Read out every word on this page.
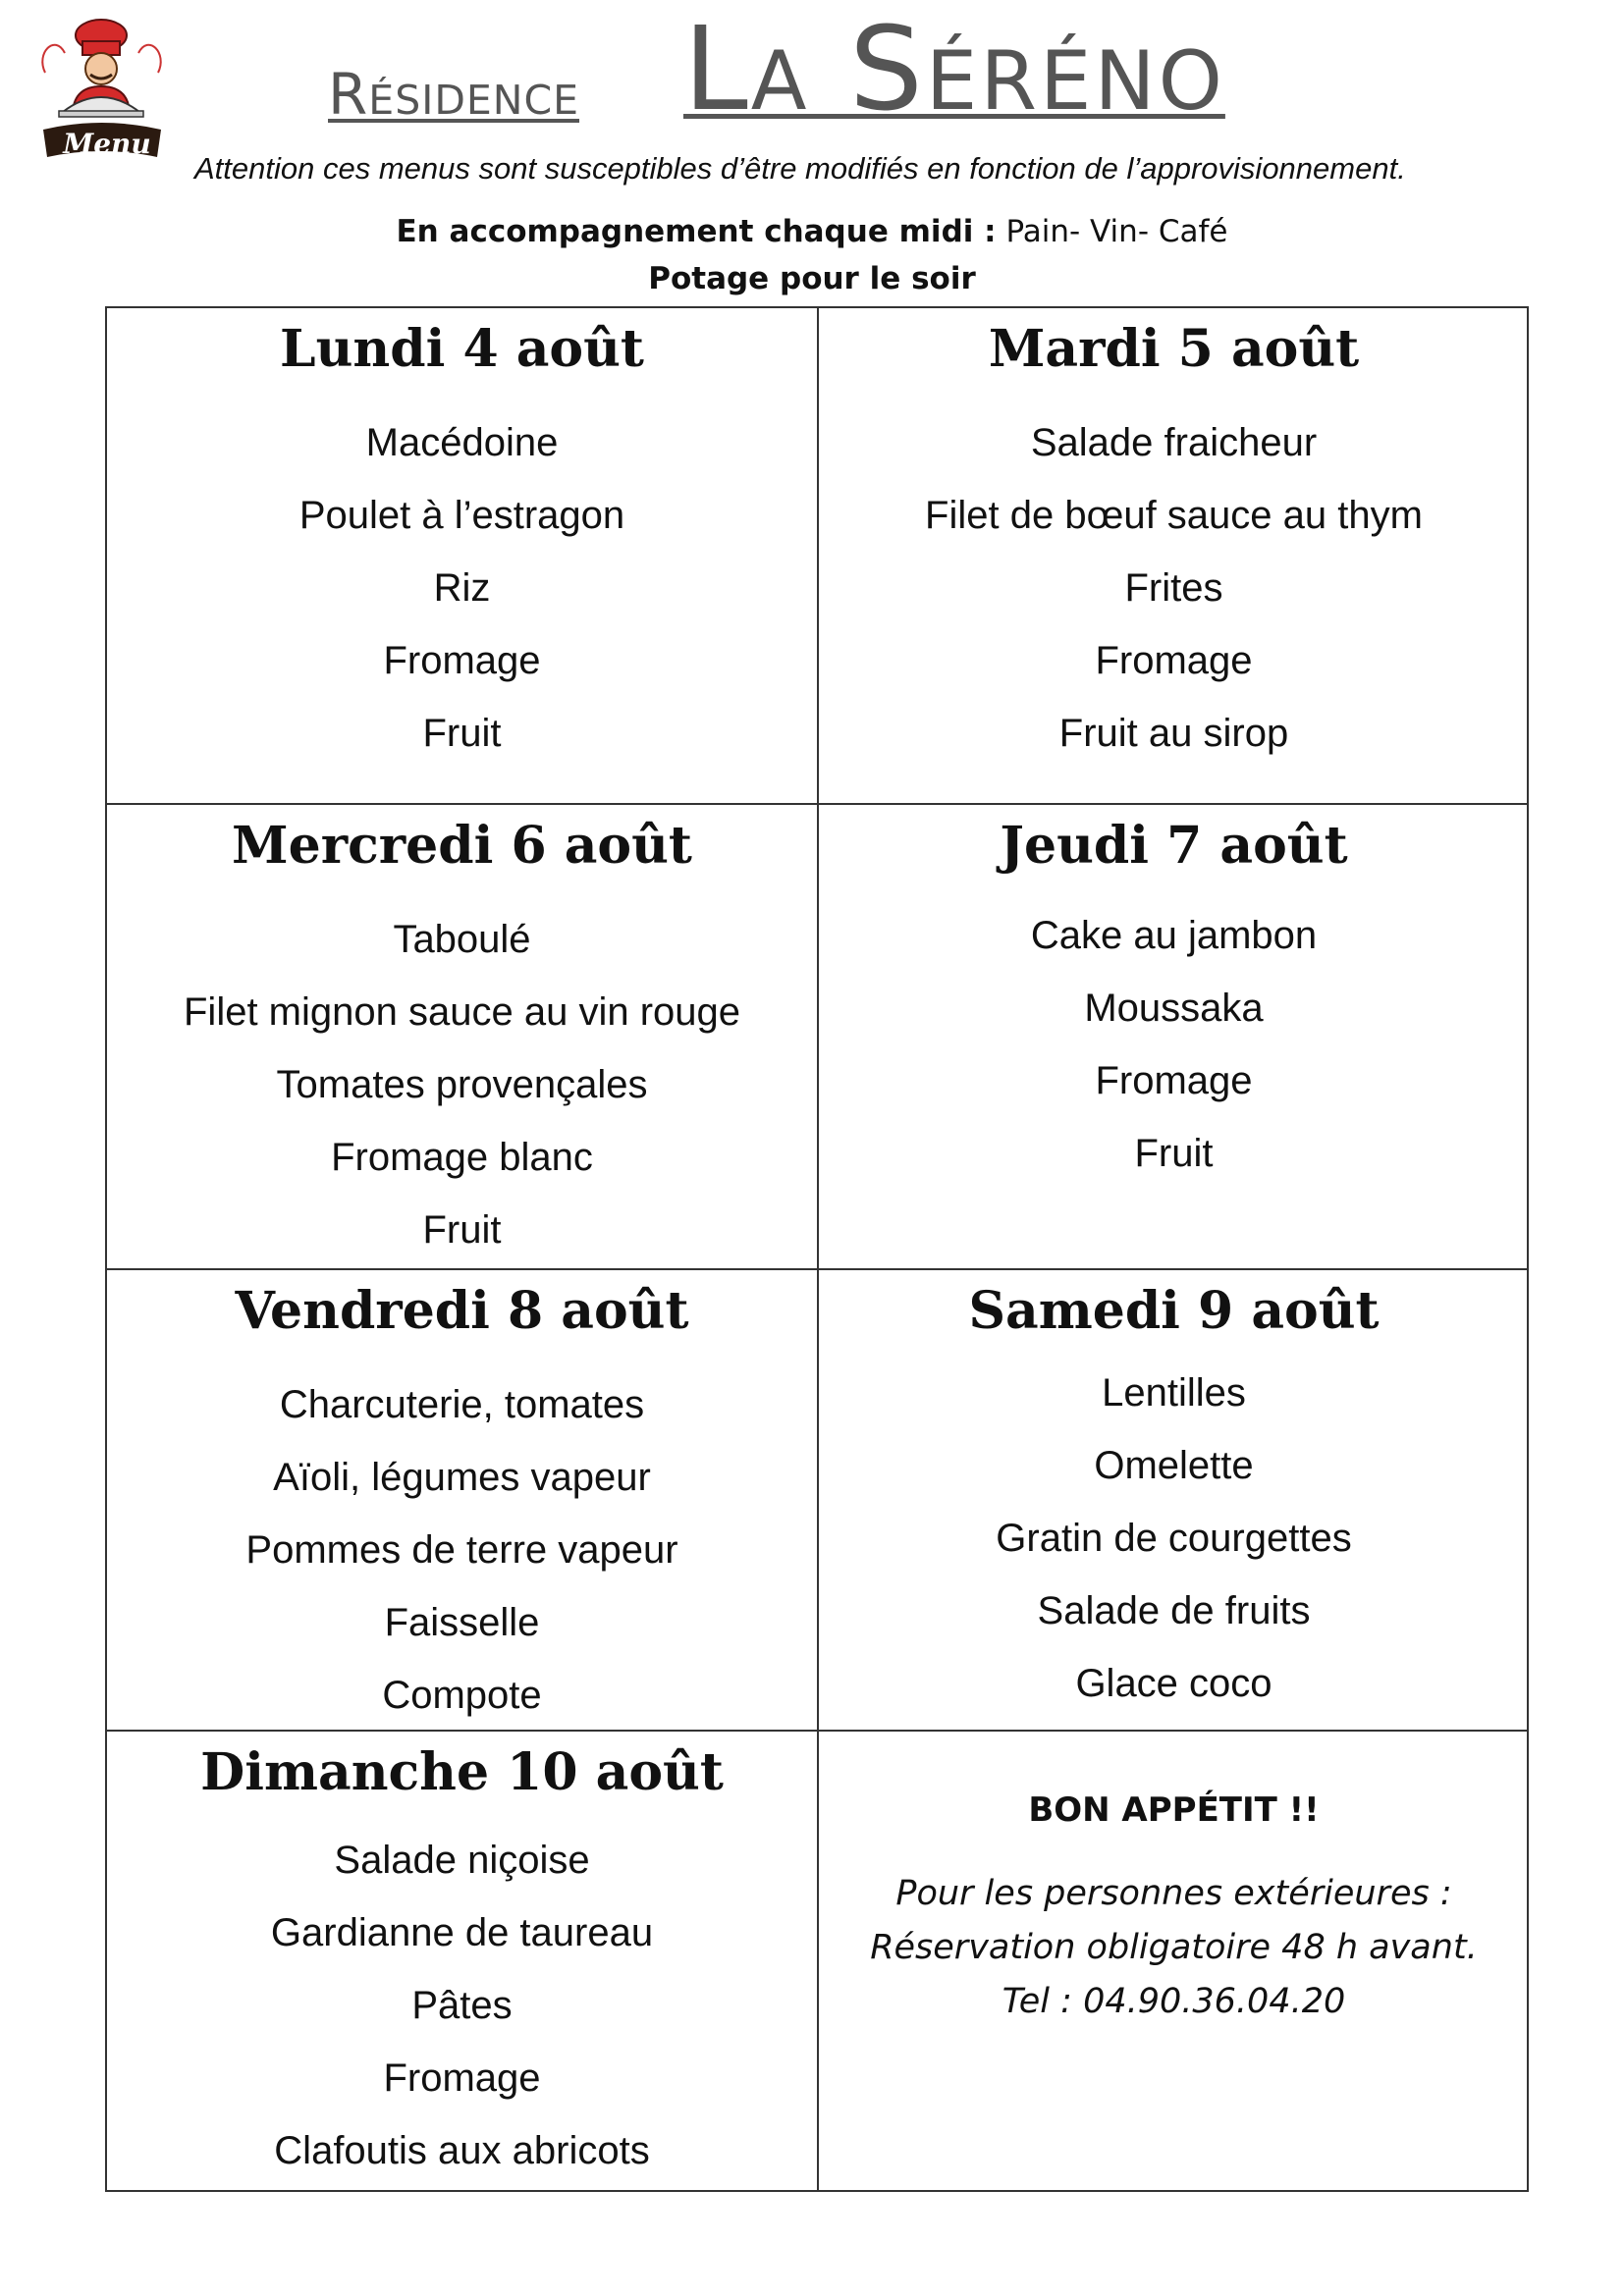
Menu
Résidence La Séréno
Attention ces menus sont susceptibles d’être modifiés en fonction de l’approvisionnement.
En accompagnement chaque midi : Pain- Vin- Café
Potage pour le soir
Lundi 4 août
Macédoine
Poulet à l’estragon
Riz
Fromage
Fruit
Mardi 5 août
Salade fraicheur
Filet de bœuf sauce au thym
Frites
Fromage
Fruit au sirop
Mercredi 6 août
Taboulé
Filet mignon sauce au vin rouge
Tomates provençales
Fromage blanc
Fruit
Jeudi 7 août
Cake au jambon
Moussaka
Fromage
Fruit
Vendredi 8 août
Charcuterie, tomates
Aïoli, légumes vapeur
Pommes de terre vapeur
Faisselle
Compote
Samedi 9 août
Lentilles
Omelette
Gratin de courgettes
Salade de fruits
Glace coco
Dimanche 10 août
Salade niçoise
Gardianne de taureau
Pâtes
Fromage
Clafoutis aux abricots
BON APPÉTIT !!
Pour les personnes extérieures :
Réservation obligatoire 48 h avant.
Tel : 04.90.36.04.20
